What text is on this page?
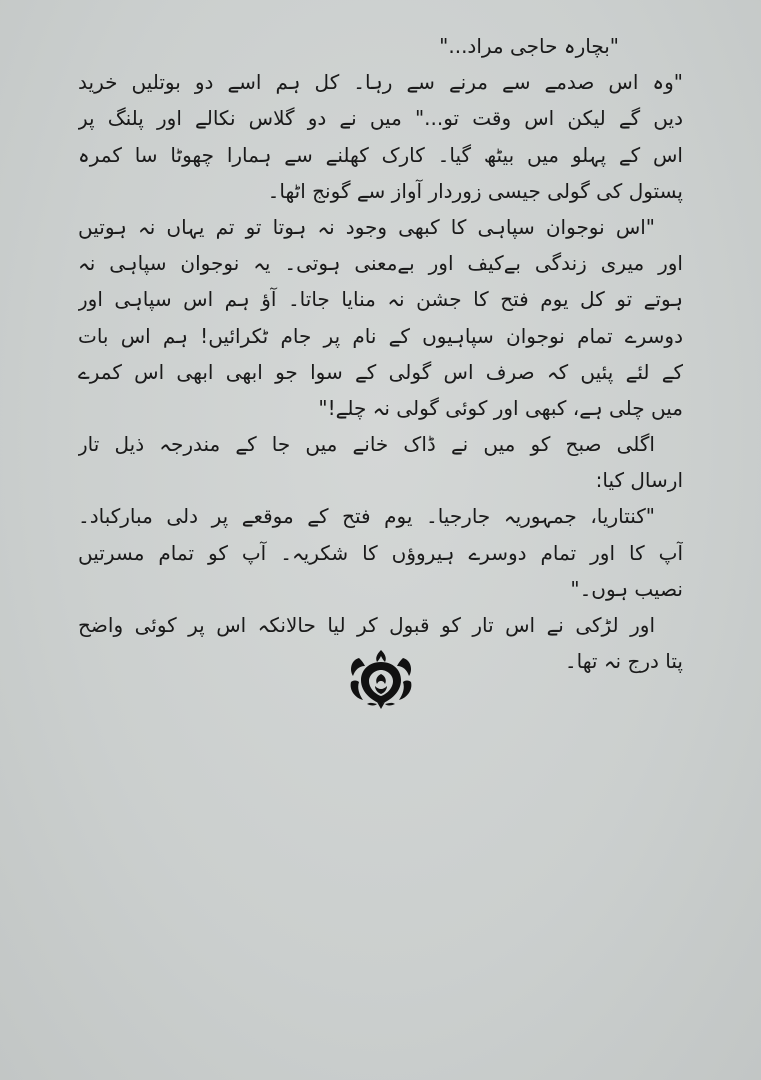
"بچارہ حاجی مراد..."
"وہ اس صدمے سے مرنے سے رہا۔ کل ہم اسے دو بوتلیں خرید
دیں گے لیکن اس وقت تو..." میں نے دو گلاس نکالے اور پلنگ پر
اس کے پہلو میں بیٹھ گیا۔ کارک کھلنے سے ہمارا چھوٹا سا کمرہ
پستول کی گولی جیسی زوردار آواز سے گونج اٹھا۔
"اس نوجوان سپاہی کا کبھی وجود نہ ہوتا تو تم یہاں نہ ہوتیں
اور میری زندگی بےکیف اور بےمعنی ہوتی۔ یہ نوجوان سپاہی نہ
ہوتے تو کل یوم فتح کا جشن نہ منایا جاتا۔ آؤ ہم اس سپاہی اور
دوسرے تمام نوجوان سپاہیوں کے نام پر جام ٹکرائیں! ہم اس بات
کے لئے پئیں کہ صرف اس گولی کے سوا جو ابھی ابھی اس کمرے
میں چلی ہے، کبھی اور کوئی گولی نہ چلے!"
اگلی صبح کو میں نے ڈاک خانے میں جا کے مندرجہ ذیل تار
ارسال کیا:
"کنتاریا، جمہوریہ جارجیا۔ یوم فتح کے موقعے پر دلی مبارکباد۔
آپ کا اور تمام دوسرے ہیروؤں کا شکریہ۔ آپ کو تمام مسرتیں
نصیب ہوں۔"
اور لڑکی نے اس تار کو قبول کر لیا حالانکہ اس پر کوئی واضح
پتا درج نہ تھا۔
